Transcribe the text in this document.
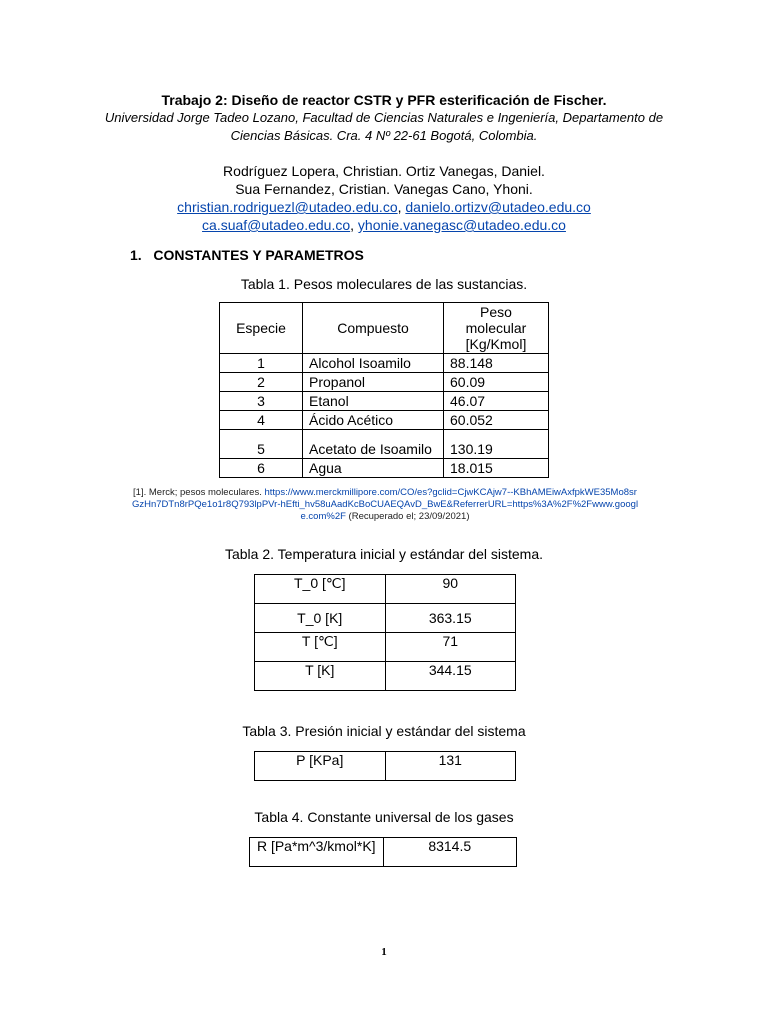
Trabajo 2: Diseño de reactor CSTR y PFR esterificación de Fischer.
Universidad Jorge Tadeo Lozano, Facultad de Ciencias Naturales e Ingeniería, Departamento de Ciencias Básicas. Cra. 4 Nº 22-61 Bogotá, Colombia.
Rodríguez Lopera, Christian. Ortiz Vanegas, Daniel.
Sua Fernandez, Cristian. Vanegas Cano, Yhoni.
christian.rodriguezl@utadeo.edu.co, danielo.ortizv@utadeo.edu.co
ca.suaf@utadeo.edu.co, yhonie.vanegasc@utadeo.edu.co
1.   CONSTANTES Y PARAMETROS
Tabla 1. Pesos moleculares de las sustancias.
Especie	Compuesto	Peso molecular [Kg/Kmol]
1	Alcohol Isoamilo	88.148
2	Propanol	60.09
3	Etanol	46.07
4	Ácido Acético	60.052
5	Acetato de Isoamilo	130.19
6	Agua	18.015
[1]. Merck; pesos moleculares. https://www.merckmillipore.com/CO/es?gclid=CjwKCAjw7--KBhAMEiwAxfpkWE35Mo8srGzHn7DTn8rPQe1o1r8Q793lpPVr-hEfti_hv58uAadKcBoCUAEQAvD_BwE&ReferrerURL=https%3A%2F%2Fwww.google.com%2F (Recuperado el; 23/09/2021)
Tabla 2. Temperatura inicial y estándar del sistema.
T_0 [℃]	90
T_0 [K]	363.15
T [℃]	71
T [K]	344.15
Tabla 3. Presión inicial y estándar del sistema
P [KPa]	131
Tabla 4. Constante universal de los gases
R [Pa*m^3/kmol*K]	8314.5
1
